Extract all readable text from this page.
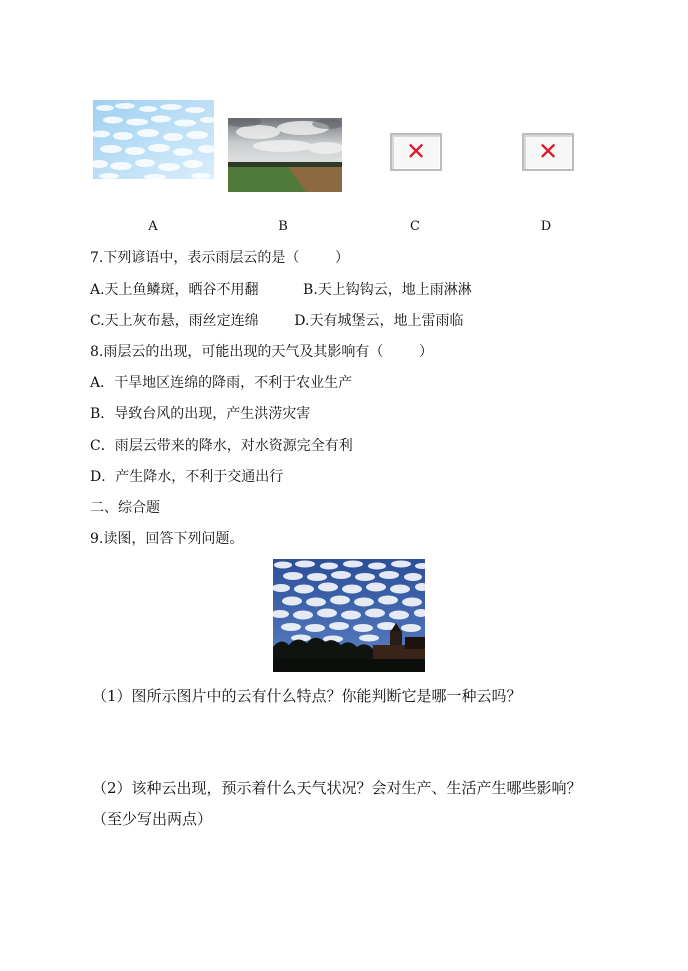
✕	✕
A	B	C	D
7.下列谚语中，表示雨层云的是（        ）
A.天上鱼鳞斑，晒谷不用翻          B.天上钩钩云，地上雨淋淋
C.天上灰布悬，雨丝定连绵        D.天有城堡云，地上雷雨临
8.雨层云的出现，可能出现的天气及其影响有（        ）
A．干旱地区连绵的降雨，不利于农业生产
B．导致台风的出现，产生洪涝灾害
C．雨层云带来的降水，对水资源完全有利
D．产生降水，不利于交通出行
二、综合题
9.读图，回答下列问题。
（1）图所示图片中的云有什么特点？你能判断它是哪一种云吗？
（2）该种云出现，预示着什么天气状况？会对生产、生活产生哪些影响？
（至少写出两点）
